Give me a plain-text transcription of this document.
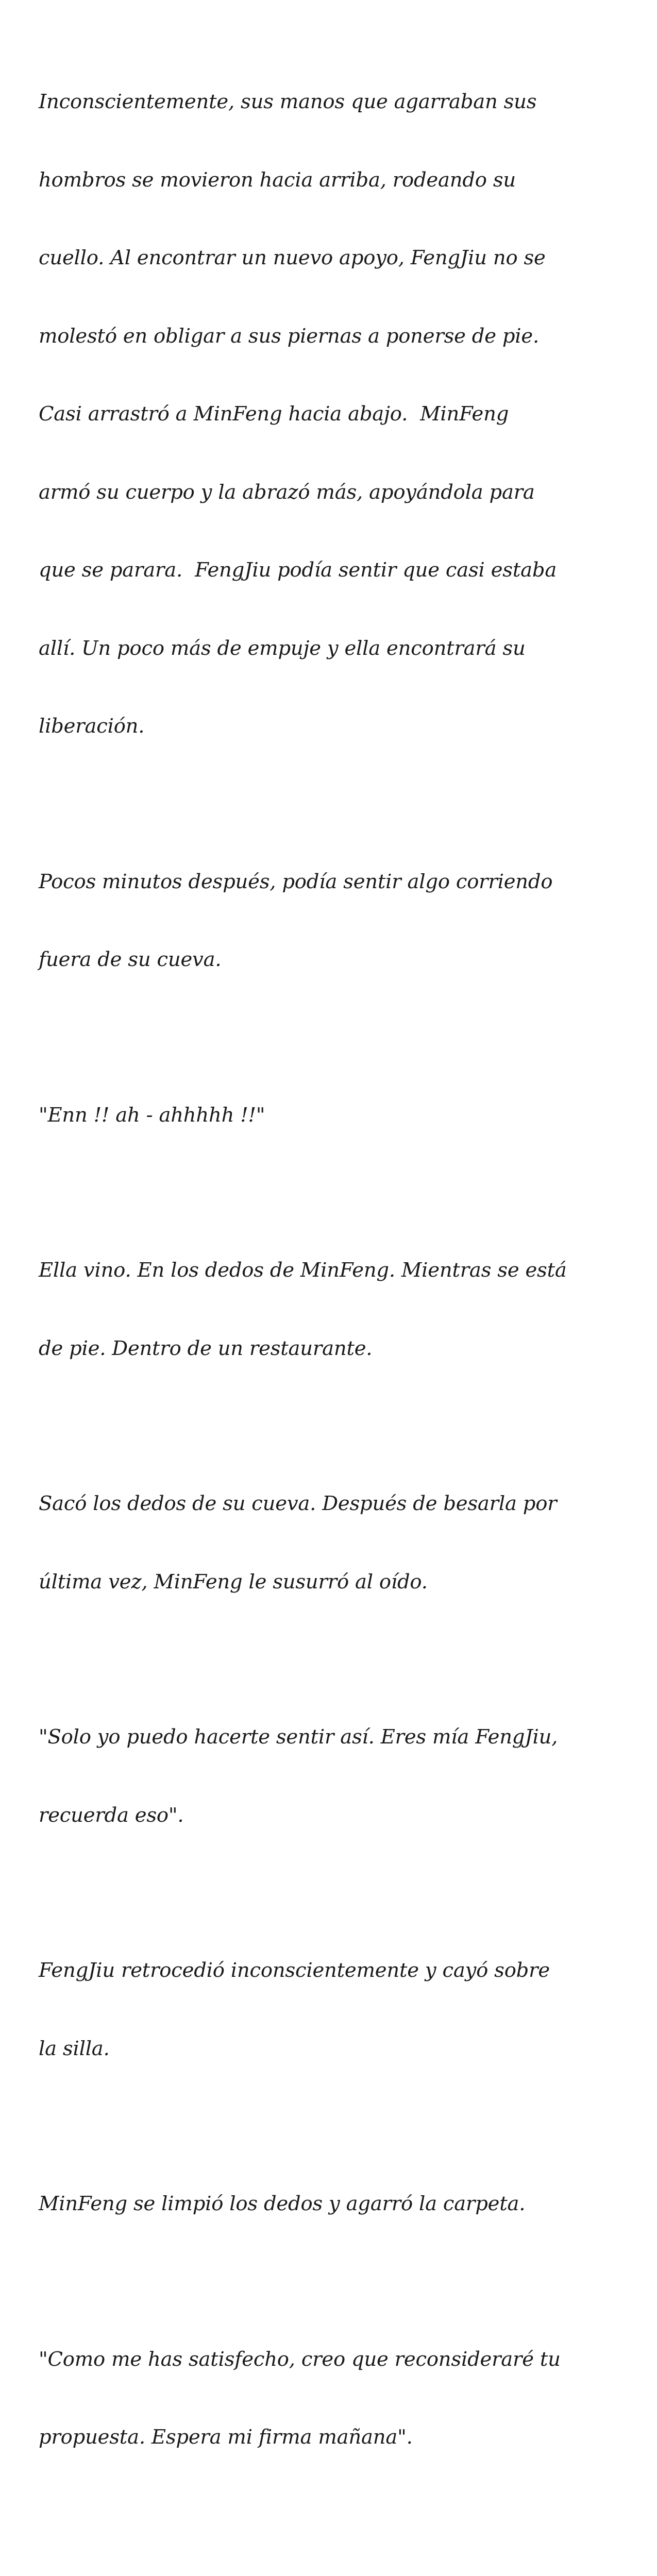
Inconscientemente, sus manos que agarraban sus

hombros se movieron hacia arriba, rodeando su

cuello. Al encontrar un nuevo apoyo, FengJiu no se

molestó en obligar a sus piernas a ponerse de pie.

Casi arrastró a MinFeng hacia abajo.  MinFeng

armó su cuerpo y la abrazó más, apoyándola para

que se parara.  FengJiu podía sentir que casi estaba

allí. Un poco más de empuje y ella encontrará su

liberación.

Pocos minutos después, podía sentir algo corriendo

fuera de su cueva.

"Enn !! ah - ahhhhh !!"

Ella vino. En los dedos de MinFeng. Mientras se está

de pie. Dentro de un restaurante.

Sacó los dedos de su cueva. Después de besarla por

última vez, MinFeng le susurró al oído.

"Solo yo puedo hacerte sentir así. Eres mía FengJiu,

recuerda eso".

FengJiu retrocedió inconscientemente y cayó sobre

la silla.

MinFeng se limpió los dedos y agarró la carpeta.

"Como me has satisfecho, creo que reconsideraré tu

propuesta. Espera mi firma mañana".
